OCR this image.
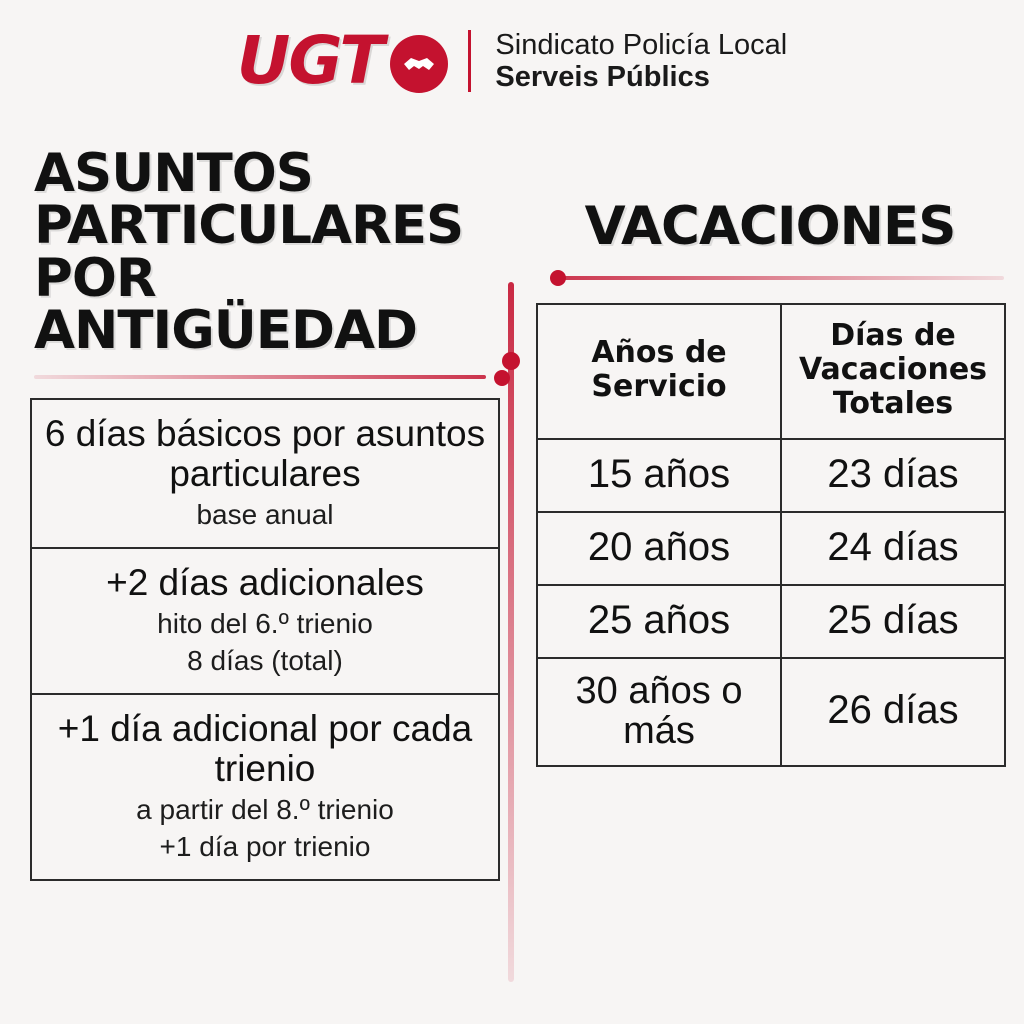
UGT	Sindicato Policía Local
Serveis Públics
ASUNTOS PARTICULARES POR ANTIGÜEDAD
6 días básicos por asuntos particulares
base anual
+2 días adicionales
hito del 6.º trienio
8 días (total)
+1 día adicional por cada trienio
a partir del 8.º trienio
+1 día por trienio
VACACIONES
Años de Servicio	Días de Vacaciones Totales
15 años	23 días
20 años	24 días
25 años	25 días
30 años o más	26 días
